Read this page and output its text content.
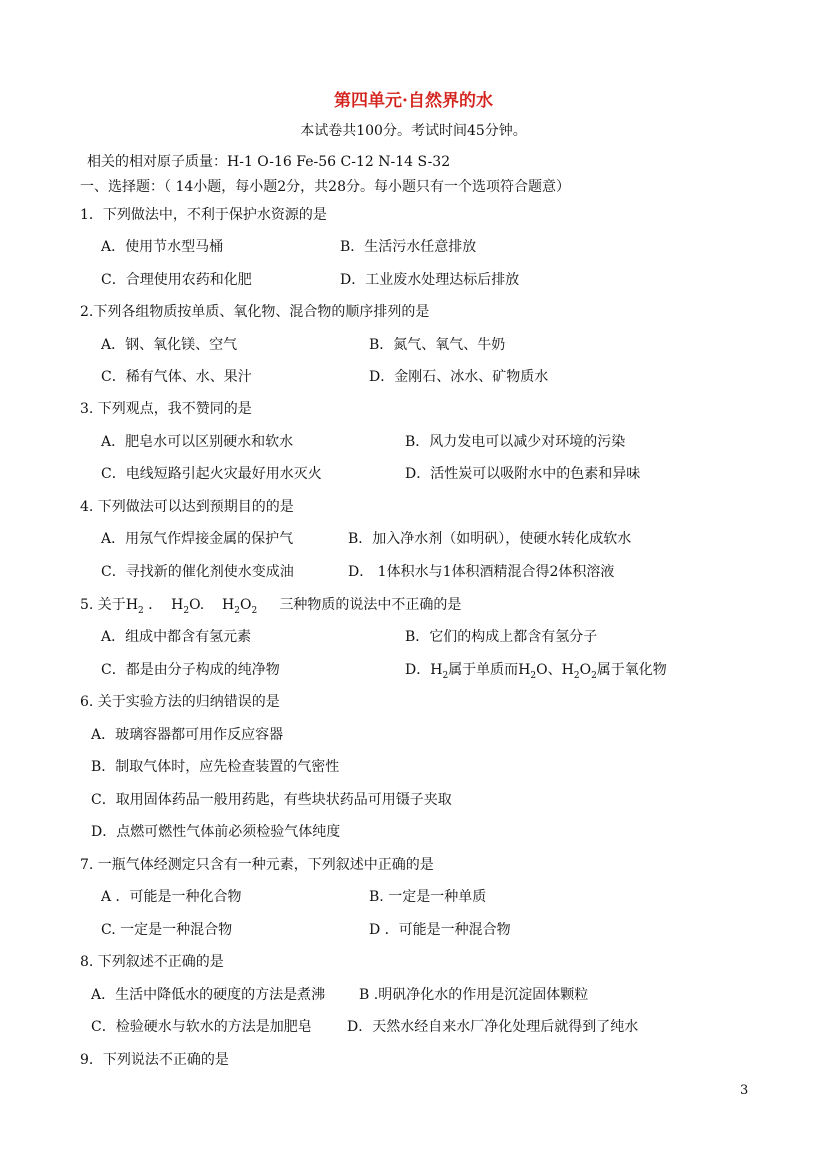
第四单元·自然界的水
本试卷共100分。考试时间45分钟。
相关的相对原子质量：H-1 O-16 Fe-56 C-12 N-14 S-32
一、选择题：（ 14小题，每小题2分，共28分。每小题只有一个选项符合题意）
1．下列做法中，不利于保护水资源的是
A．使用节水型马桶	B．生活污水任意排放
C．合理使用农药和化肥	D．工业废水处理达标后排放
2.下列各组物质按单质、氧化物、混合物的顺序排列的是
A．钢、氧化镁、空气	B．氮气、氧气、牛奶
C．稀有气体、水、果汁	D．金刚石、冰水、矿物质水
3. 下列观点，我不赞同的是
A．肥皂水可以区别硬水和软水	B．风力发电可以减少对环境的污染
C．电线短路引起火灾最好用水灭火	D．活性炭可以吸附水中的色素和异味
4. 下列做法可以达到预期目的的是
A．用氖气作焊接金属的保护气	B．加入净水剂（如明矾），使硬水转化成软水
C．寻找新的催化剂使水变成油	D． 1体积水与1体积酒精混合得2体积溶液
5. 关于$H_2$ ．  $H_2O$. $H_2O_2$ 三种物质的说法中不正确的是
A．组成中都含有氢元素	B．它们的构成上都含有氢分子
C．都是由分子构成的纯净物	D．$H_2$属于单质而$H_2O$、$H_2O_2$属于氧化物
6. 关于实验方法的归纳错误的是
A．玻璃容器都可用作反应容器
B．制取气体时，应先检查装置的气密性
C．取用固体药品一般用药匙，有些块状药品可用镊子夹取
D．点燃可燃性气体前必须检验气体纯度
7. 一瓶气体经测定只含有一种元素，下列叙述中正确的是
A ．可能是一种化合物	B. 一定是一种单质
C. 一定是一种混合物	D ．可能是一种混合物
8. 下列叙述不正确的是
A．生活中降低水的硬度的方法是煮沸 B .明矾净化水的作用是沉淀固体颗粒
C．检验硬水与软水的方法是加肥皂	D．天然水经自来水厂净化处理后就得到了纯水
9．下列说法不正确的是
3
